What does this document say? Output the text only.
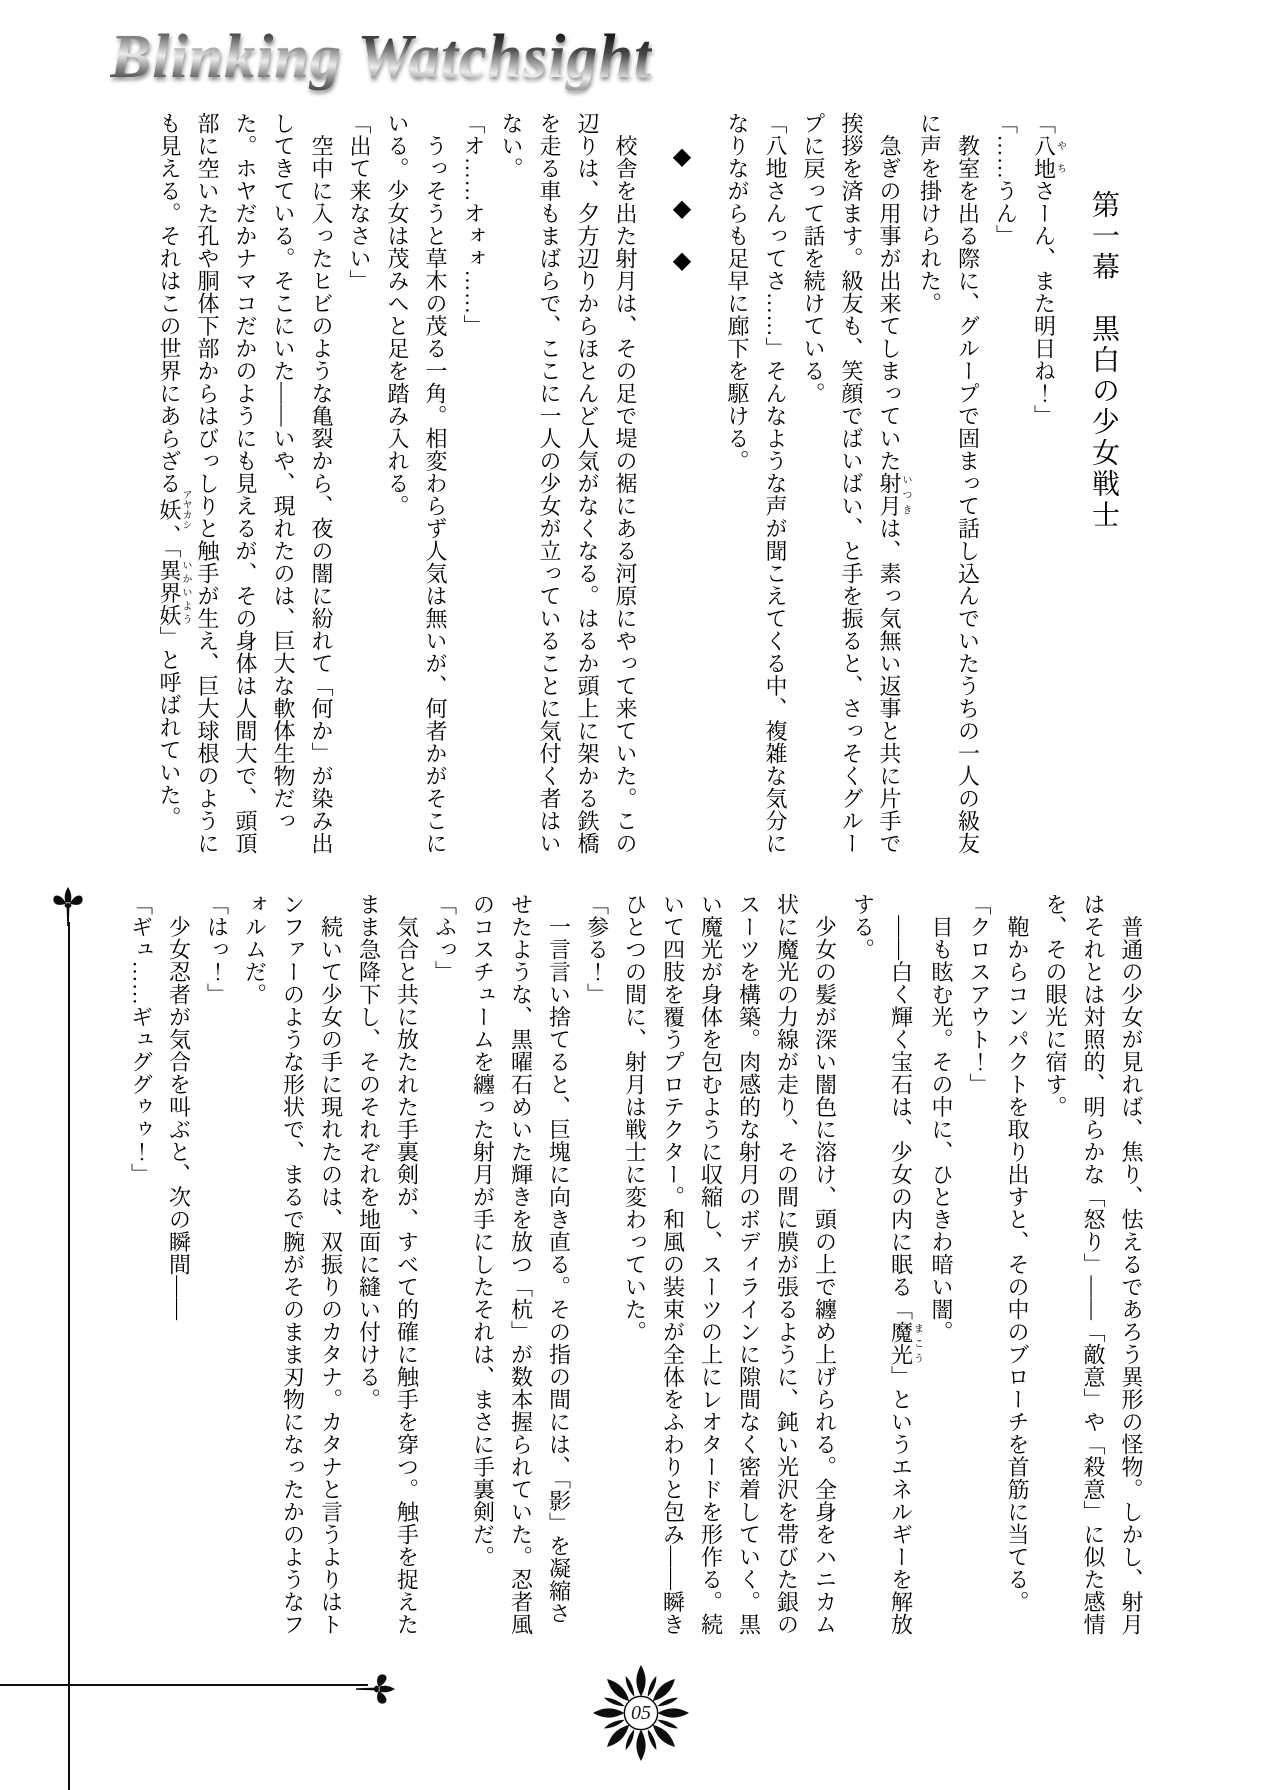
Blinking Watchsight

第一幕　黒白の少女戦士

「八地やちさーん、また明日ね！」

「……うん」

　教室を出る際に、グループで固まって話し込んでいたうちの一人の級友に声を掛けられた。

　急ぎの用事が出来てしまっていた射月いつきは、素っ気無い返事と共に片手で挨拶を済ます。級友も、笑顔でばいばい、と手を振ると、さっそくグループに戻って話を続けている。

「八地さんってさ……」そんなような声が聞こえてくる中、複雑な気分になりながらも足早に廊下を駆ける。

◆　◆　◆

　校舎を出た射月は、その足で堤の裾にある河原にやって来ていた。この辺りは、夕方辺りからほとんど人気がなくなる。はるか頭上に架かる鉄橋を走る車もまばらで、ここに一人の少女が立っていることに気付く者はいない。

「オ……オォォ……」

　うっそうと草木の茂る一角。相変わらず人気は無いが、何者かがそこにいる。少女は茂みへと足を踏み入れる。

「出て来なさい」

　空中に入ったヒビのような亀裂から、夜の闇に紛れて「何か」が染み出してきている。そこにいた――いや、現れたのは、巨大な軟体生物だった。ホヤだかナマコだかのようにも見えるが、その身体は人間大で、頭頂部に空いた孔や胴体下部からはびっしりと触手が生え、巨大球根のようにも見える。それはこの世界にあらざる妖アヤカシ、「異界妖いかいよう」と呼ばれていた。

　普通の少女が見れば、焦り、怯えるであろう異形の怪物。しかし、射月はそれとは対照的、明らかな「怒り」――「敵意」や「殺意」に似た感情を、その眼光に宿す。

　鞄からコンパクトを取り出すと、その中のブローチを首筋に当てる。

「クロスアウト！」

　目も眩む光。その中に、ひときわ暗い闇。

　――白く輝く宝石は、少女の内に眠る「魔光まこう」というエネルギーを解放する。

　少女の髪が深い闇色に溶け、頭の上で纏め上げられる。全身をハニカム状に魔光の力線が走り、その間に膜が張るように、鈍い光沢を帯びた銀のスーツを構築。肉感的な射月のボディラインに隙間なく密着していく。黒い魔光が身体を包むように収縮し、スーツの上にレオタードを形作る。続いて四肢を覆うプロテクター。和風の装束が全体をふわりと包み――瞬きひとつの間に、射月は戦士に変わっていた。

「参る！」

　一言言い捨てると、巨塊に向き直る。その指の間には、「影」を凝縮させたような、黒曜石めいた輝きを放つ「杭」が数本握られていた。忍者風のコスチュームを纏った射月が手にしたそれは、まさに手裏剣だ。

「ふっ」

　気合と共に放たれた手裏剣が、すべて的確に触手を穿つ。触手を捉えたまま急降下し、そのそれぞれを地面に縫い付ける。

　続いて少女の手に現れたのは、双振りのカタナ。カタナと言うよりはトンファーのような形状で、まるで腕がそのまま刃物になったかのようなフォルムだ。

「はっ！」

　少女忍者が気合を叫ぶと、次の瞬間――

「ギュ……ギュググゥゥ！」

05
